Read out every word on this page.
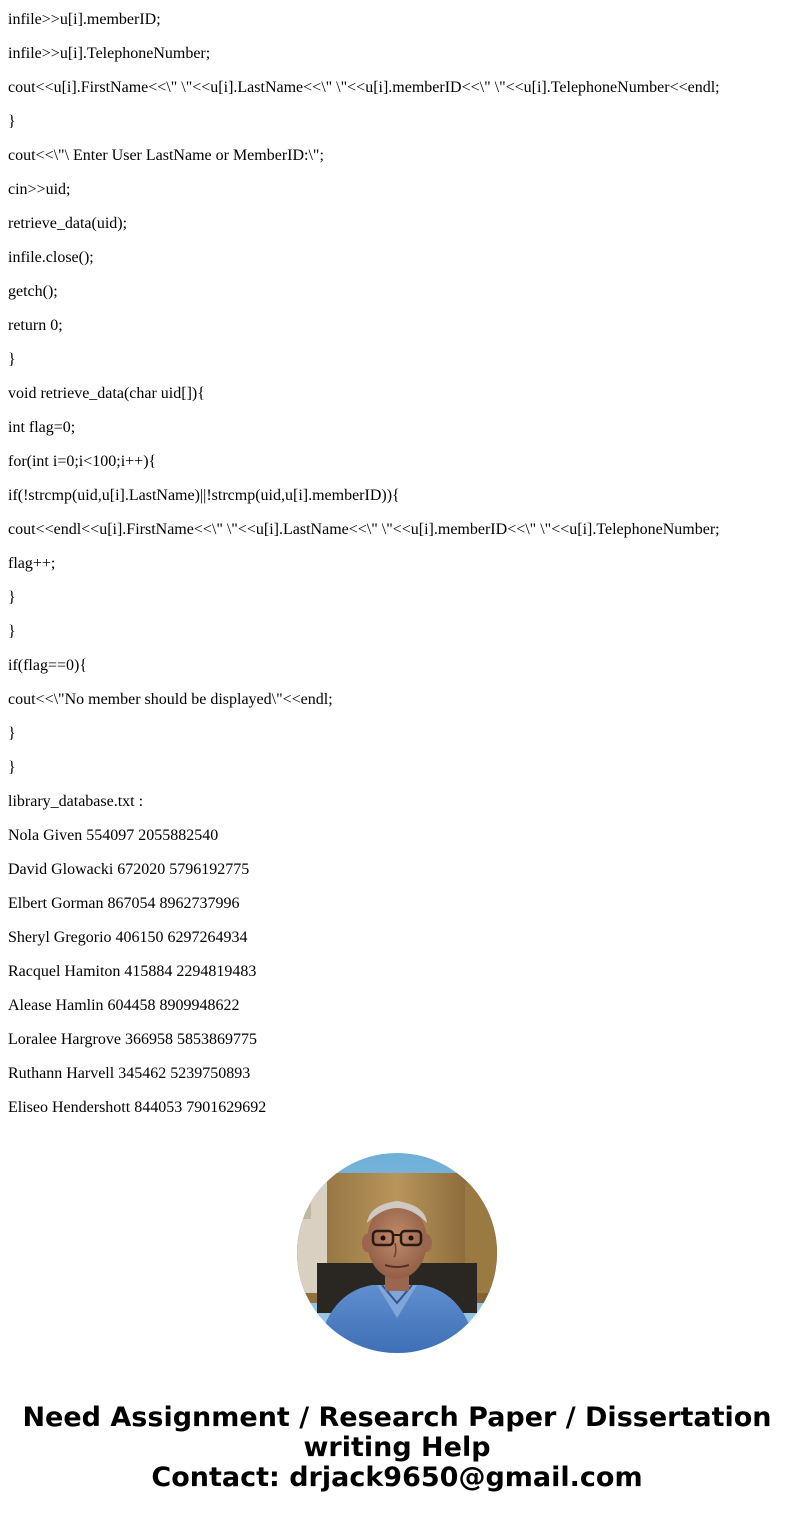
infile>>u[i].memberID;
infile>>u[i].TelephoneNumber;
cout<<u[i].FirstName<<\" \"<<u[i].LastName<<\" \"<<u[i].memberID<<\" \"<<u[i].TelephoneNumber<<endl;
}
cout<<\"\ Enter User LastName or MemberID:\";
cin>>uid;
retrieve_data(uid);
infile.close();
getch();
return 0;
}
void retrieve_data(char uid[]){
int flag=0;
for(int i=0;i<100;i++){
if(!strcmp(uid,u[i].LastName)||!strcmp(uid,u[i].memberID)){
cout<<endl<<u[i].FirstName<<\" \"<<u[i].LastName<<\" \"<<u[i].memberID<<\" \"<<u[i].TelephoneNumber;
flag++;
}
}
if(flag==0){
cout<<\"No member should be displayed\"<<endl;
}
}
library_database.txt :
Nola Given 554097 2055882540
David Glowacki 672020 5796192775
Elbert Gorman 867054 8962737996
Sheryl Gregorio 406150 6297264934
Racquel Hamiton 415884 2294819483
Alease Hamlin 604458 8909948622
Loralee Hargrove 366958 5853869775
Ruthann Harvell 345462 5239750893
Eliseo Hendershott 844053 7901629692
Need Assignment / Research Paper / Dissertation
writing Help
Contact: drjack9650@gmail.com
